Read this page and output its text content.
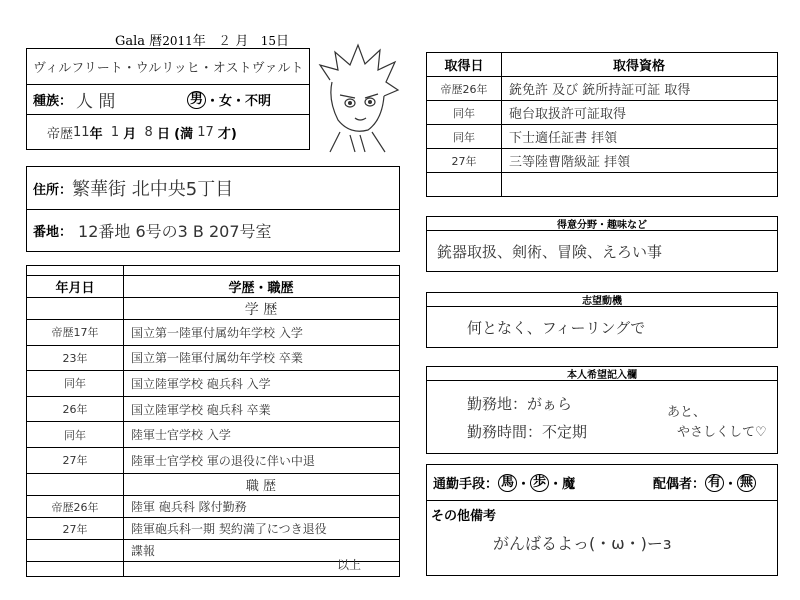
Gala 暦2011年 ２ 月 15日
ヴィルフリート・ウルリッヒ・オストヴァルト
種族： 人 間	男 ・女・不明
帝歴 11 年
1
月
8
日
(満
17
才)
住所： 繁華街 北中央5丁目
番地： 12番地 6号の3 B 207号室
年月日	学歴・職歴
学 歴
帝歴17年	国立第一陸軍付属幼年学校 入学
23年	国立第一陸軍付属幼年学校 卒業
同年	国立陸軍学校 砲兵科 入学
26年	国立陸軍学校 砲兵科 卒業
同年	陸軍士官学校 入学
27年	陸軍士官学校 軍の退役に伴い中退
職 歴
帝歴26年	陸軍 砲兵科 隊付勤務
27年	陸軍砲兵科一期 契約満了につき退役
諜報
以上
取得日	取得資格
帝歴26年	銃免許 及び 銃所持証可証 取得
同年	砲台取扱許可証取得
同年	下士適任証書 拝領
27年	三等陸曹階級証 拝領
得意分野・趣味など
銃器取扱、剣術、冒険、えろい事
志望動機
何となく、フィーリングで
本人希望記入欄
勤務地：がぁら
勤務時間：不定期
あと、
やさしくして♡
通勤手段： 馬 ・ 歩 ・ 魔	配偶者： 有 ・ 無
その他備考
がんばるよっ(・ω・)ーз
